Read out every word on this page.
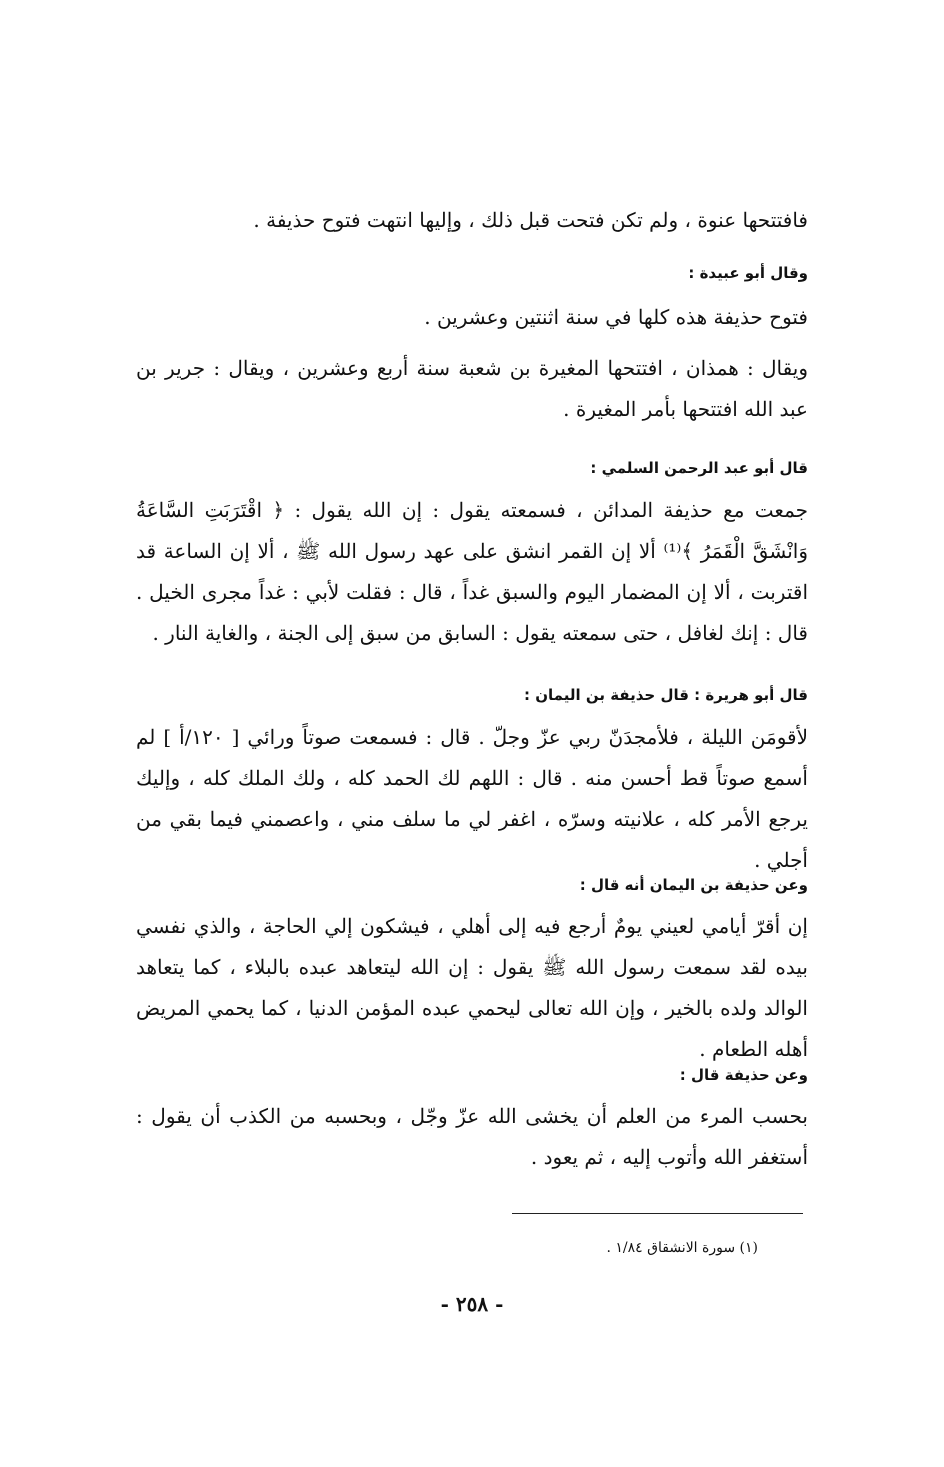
فافتتحها عنوة ، ولم تكن فتحت قبل ذلك ، وإليها انتهت فتوح حذيفة .
وقال أبو عبيدة :
فتوح حذيفة هذه كلها في سنة اثنتين وعشرين .
ويقال : همذان ، افتتحها المغيرة بن شعبة سنة أربع وعشرين ، ويقال : جرير بن عبد الله افتتحها بأمر المغيرة .
قال أبو عبد الرحمن السلمي :
جمعت مع حذيفة المدائن ، فسمعته يقول : إن الله يقول : ﴿ اقْتَرَبَتِ السَّاعَةُ وَانْشَقَّ الْقَمَرُ ﴾⁽¹⁾ ألا إن القمر انشق على عهد رسول الله ﷺ ، ألا إن الساعة قد اقتربت ، ألا إن المضمار اليوم والسبق غداً ، قال : فقلت لأبي : غداً مجرى الخيل . قال : إنك لغافل ، حتى سمعته يقول : السابق من سبق إلى الجنة ، والغاية النار .
قال أبو هريرة : قال حذيفة بن اليمان :
لأقومَن الليلة ، فلأمجدَنّ ربي عزّ وجلّ . قال : فسمعت صوتاً ورائي [ ١٢٠/أ ] لم أسمع صوتاً قط أحسن منه . قال : اللهم لك الحمد كله ، ولك الملك كله ، وإليك يرجع الأمر كله ، علانيته وسرّه ، اغفر لي ما سلف مني ، واعصمني فيما بقي من أجلي .
وعن حذيفة بن اليمان أنه قال :
إن أقرّ أيامي لعيني يومٌ أرجع فيه إلى أهلي ، فيشكون إلي الحاجة ، والذي نفسي بيده لقد سمعت رسول الله ﷺ يقول : إن الله ليتعاهد عبده بالبلاء ، كما يتعاهد الوالد ولده بالخير ، وإن الله تعالى ليحمي عبده المؤمن الدنيا ، كما يحمي المريض أهله الطعام .
وعن حذيفة قال :
بحسب المرء من العلم أن يخشى الله عزّ وجّل ، وبحسبه من الكذب أن يقول : أستغفر الله وأتوب إليه ، ثم يعود .
(١) سورة الانشقاق ١/٨٤ .
- ٢٥٨ -
